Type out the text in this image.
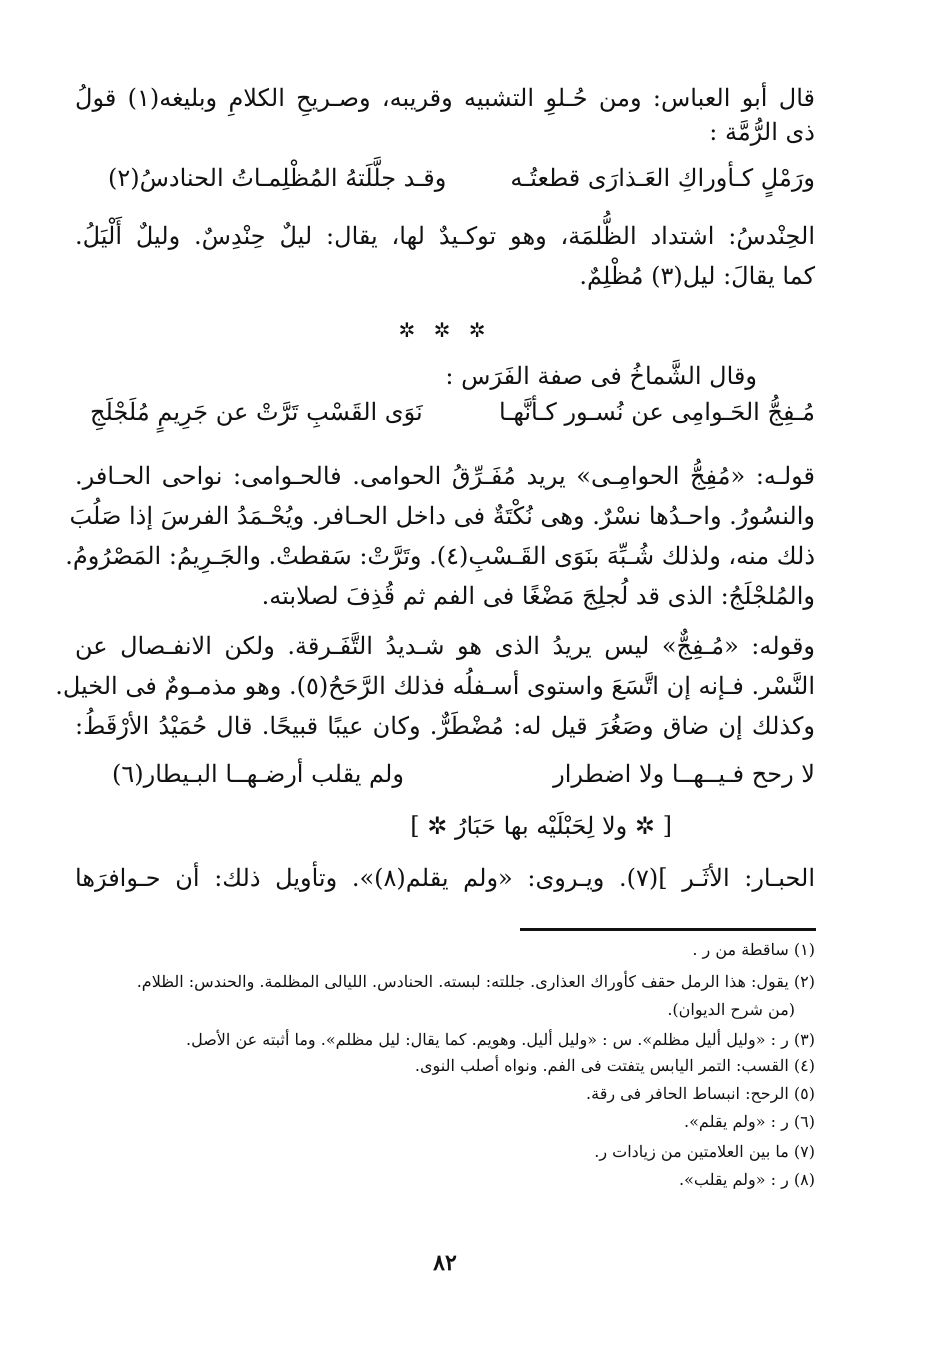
قال أبو العباس: ومن حُـلوِ التشبيه وقريبه، وصـريحِ الكلامِ وبليغه(١) قولُ
ذى الرُّمَّة :
ورَمْلٍ كـأوراكِ العَـذارَى قطعتُـه
وقـد جلَّلَتهُ المُظْلِمـاتُ الحنادسُ(٢)
الحِنْدسُ: اشتداد الظُّلمَة، وهو توكـيدٌ لها، يقال: ليلٌ حِنْدِسٌ. وليلٌ أَلْيَلُ.
كما يقالَ: ليل(٣) مُظْلِمٌ.
✲ ✲ ✲
وقال الشَّماخُ فى صفة الفَرَس :
مُـفِجُّ الحَـوامِى عن نُسـور كـأنَّهـا
نَوَى القَسْبِ تَرَّتْ عن جَرِيمٍ مُلَجْلَجِ
قولـه: «مُفِجُّ الحوامِـى» يريد مُفَـرِّقُ الحوامى. فالحـوامى: نواحى الحـافر.
والنسُورُ. واحـدُها نسْرٌ. وهى نُكْتَةٌ فى داخل الحـافر. ويُحْـمَدُ الفرسَ إذا صَلُبَ
ذلك منه، ولذلك شُـبِّهَ بنَوَى القَـسْبِ(٤). وتَرَّتْ: سَقطتْ. والجَـرِيمُ: المَصْرُومُ.
والمُلجْلَجُ: الذى قد لُجلِجَ مَضْغًا فى الفم ثم قُذِفَ لصلابته.
وقوله: «مُـفِجٌّ» ليس يريدُ الذى هو شـديدُ التَّفَـرقة. ولكن الانفـصال عن
النَّسْر. فـإنه إن اتَّسَعَ واستوى أسـفلُه فذلك الرَّحَحُ(٥). وهو مذمـومٌ فى الخيل.
وكذلك إن ضاق وصَغُرَ قيل له: مُضْطَرٌّ. وكان عيبًا قبيحًا. قال حُمَيْدُ الأرْقَطُ:
لا رحح فـيــهــا ولا اضطرار
ولم يقلب أرضـهــا البـيطار(٦)
[ ✲ ولا لِحَبْلَيْه بها حَبَارُ ✲ ]
الحبـار: الأثَـر ](٧). ويـروى: «ولم يقلم(٨)». وتأويل ذلك: أن حـوافرَها
(١) ساقطة من ر .
(٢) يقول: هذا الرمل حقف كأوراك العذارى. جللته: لبسته. الحنادس. الليالى المظلمة. والحندس: الظلام.
(من شرح الديوان).
(٣) ر : «وليل أليل مظلم». س : «وليل أليل. وهويم. كما يقال: ليل مظلم». وما أثبته عن الأصل.
(٤) القسب: التمر اليابس يتفتت فى الفم. ونواه أصلب النوى.
(٥) الرحح: انبساط الحافر فى رقة.
(٦) ر : «ولم يقلم».
(٧) ما بين العلامتين من زيادات ر.
(٨) ر : «ولم يقلب».
٨٢
